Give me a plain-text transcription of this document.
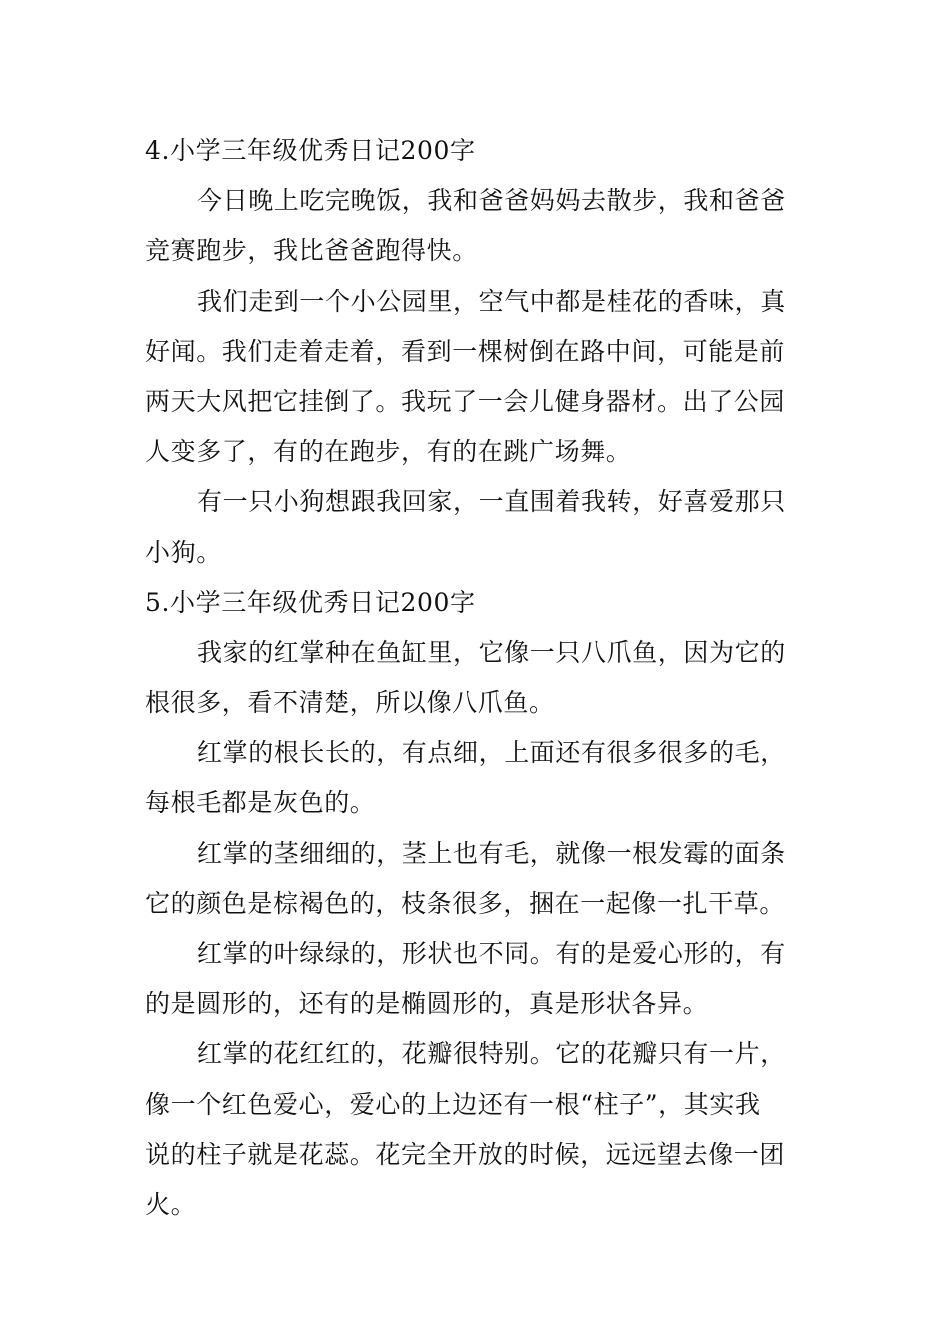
4.小学三年级优秀日记200字
今日晚上吃完晚饭，我和爸爸妈妈去散步，我和爸爸
竞赛跑步，我比爸爸跑得快。
我们走到一个小公园里，空气中都是桂花的香味，真
好闻。我们走着走着，看到一棵树倒在路中间，可能是前
两天大风把它挂倒了。我玩了一会儿健身器材。出了公园
人变多了，有的在跑步，有的在跳广场舞。
有一只小狗想跟我回家，一直围着我转，好喜爱那只
小狗。
5.小学三年级优秀日记200字
我家的红掌种在鱼缸里，它像一只八爪鱼，因为它的
根很多，看不清楚，所以像八爪鱼。
红掌的根长长的，有点细，上面还有很多很多的毛，
每根毛都是灰色的。
红掌的茎细细的，茎上也有毛，就像一根发霉的面条
它的颜色是棕褐色的，枝条很多，捆在一起像一扎干草。
红掌的叶绿绿的，形状也不同。有的是爱心形的，有
的是圆形的，还有的是椭圆形的，真是形状各异。
红掌的花红红的，花瓣很特别。它的花瓣只有一片，
像一个红色爱心，爱心的上边还有一根“柱子”，其实我
说的柱子就是花蕊。花完全开放的时候，远远望去像一团
火。
